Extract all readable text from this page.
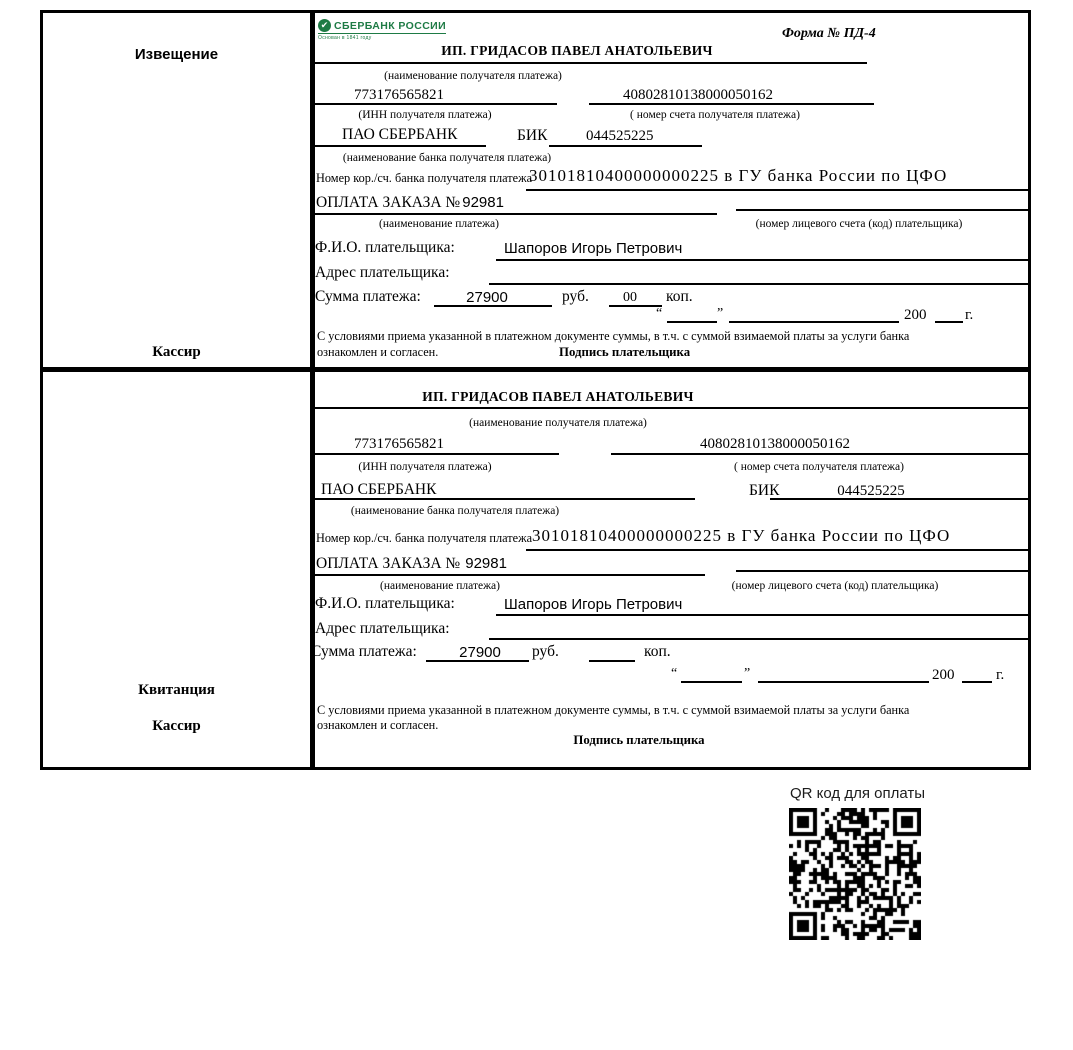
Извещение
Кассир
✔ СБЕРБАНК РОССИИ
Основан в 1841 году	Форма № ПД-4
ИП. ГРИДАСОВ ПАВЕЛ АНАТОЛЬЕВИЧ
(наименование получателя платежа)
773176565821	40802810138000050162
(ИНН получателя платежа)	( номер счета получателя платежа)
ПАО СБЕРБАНК	БИК	044525225
(наименование банка получателя платежа)
Номер кор./сч. банка получателя платежа
30101810400000000225 в ГУ банка России по ЦФО
ОПЛАТА ЗАКАЗА № 92981
(наименование платежа)	(номер лицевого счета (код) плательщика)
Ф.И.О. плательщика:	Шапоров Игорь Петрович
Адрес плательщика:
Сумма платежа:	27900	руб. 00 коп.
“	”	200	г.
С условиями приема указанной в платежном документе суммы, в т.ч. с суммой взимаемой платы за услуги банка
ознакомлен и согласен.	Подпись плательщика
Квитанция
Кассир
ИП. ГРИДАСОВ ПАВЕЛ АНАТОЛЬЕВИЧ
(наименование получателя платежа)
773176565821	40802810138000050162
(ИНН получателя платежа)	( номер счета получателя платежа)
ПАО СБЕРБАНК	БИК	044525225
(наименование банка получателя платежа)
Номер кор./сч. банка получателя платежа 30101810400000000225 в ГУ банка России по ЦФО
ОПЛАТА ЗАКАЗА № 92981
(наименование платежа)	(номер лицевого счета (код) плательщика)
Ф.И.О. плательщика:	Шапоров Игорь Петрович
Адрес плательщика:
Сумма платежа:	27900 руб.	коп.
“	”	200	г.
С условиями приема указанной в платежном документе суммы, в т.ч. с суммой взимаемой платы за услуги банка
ознакомлен и согласен.
Подпись плательщика
QR код для оплаты
